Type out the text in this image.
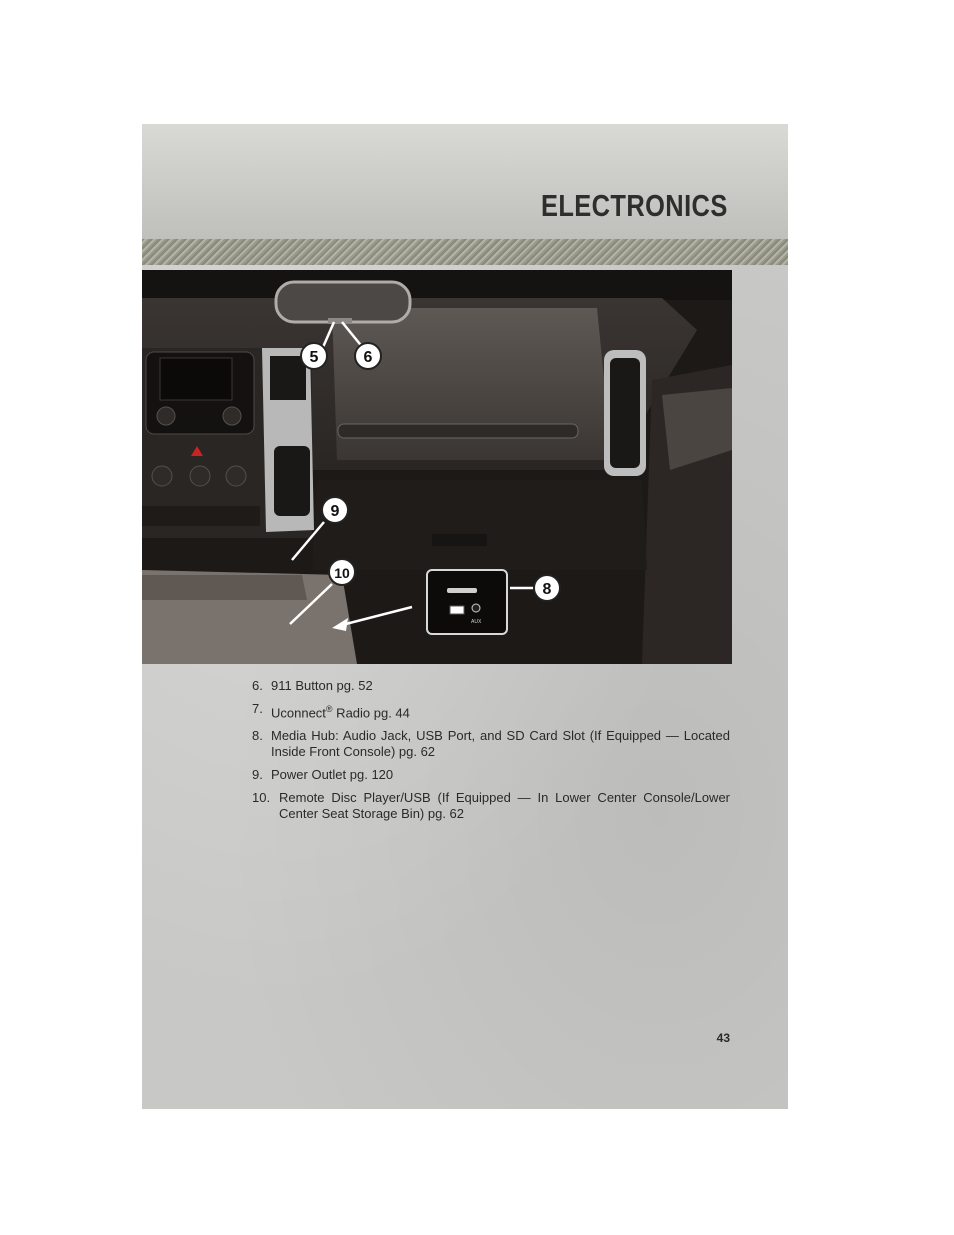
ELECTRONICS
AUX
5	6
8
9
10
6. 911 Button pg. 52
7. Uconnect® Radio pg. 44
8. Media Hub: Audio Jack, USB Port, and SD Card Slot (If Equipped — Located Inside Front Console) pg. 62
9. Power Outlet pg. 120
10. Remote Disc Player/USB (If Equipped — In Lower Center Console/Lower Center Seat Storage Bin) pg. 62
43
